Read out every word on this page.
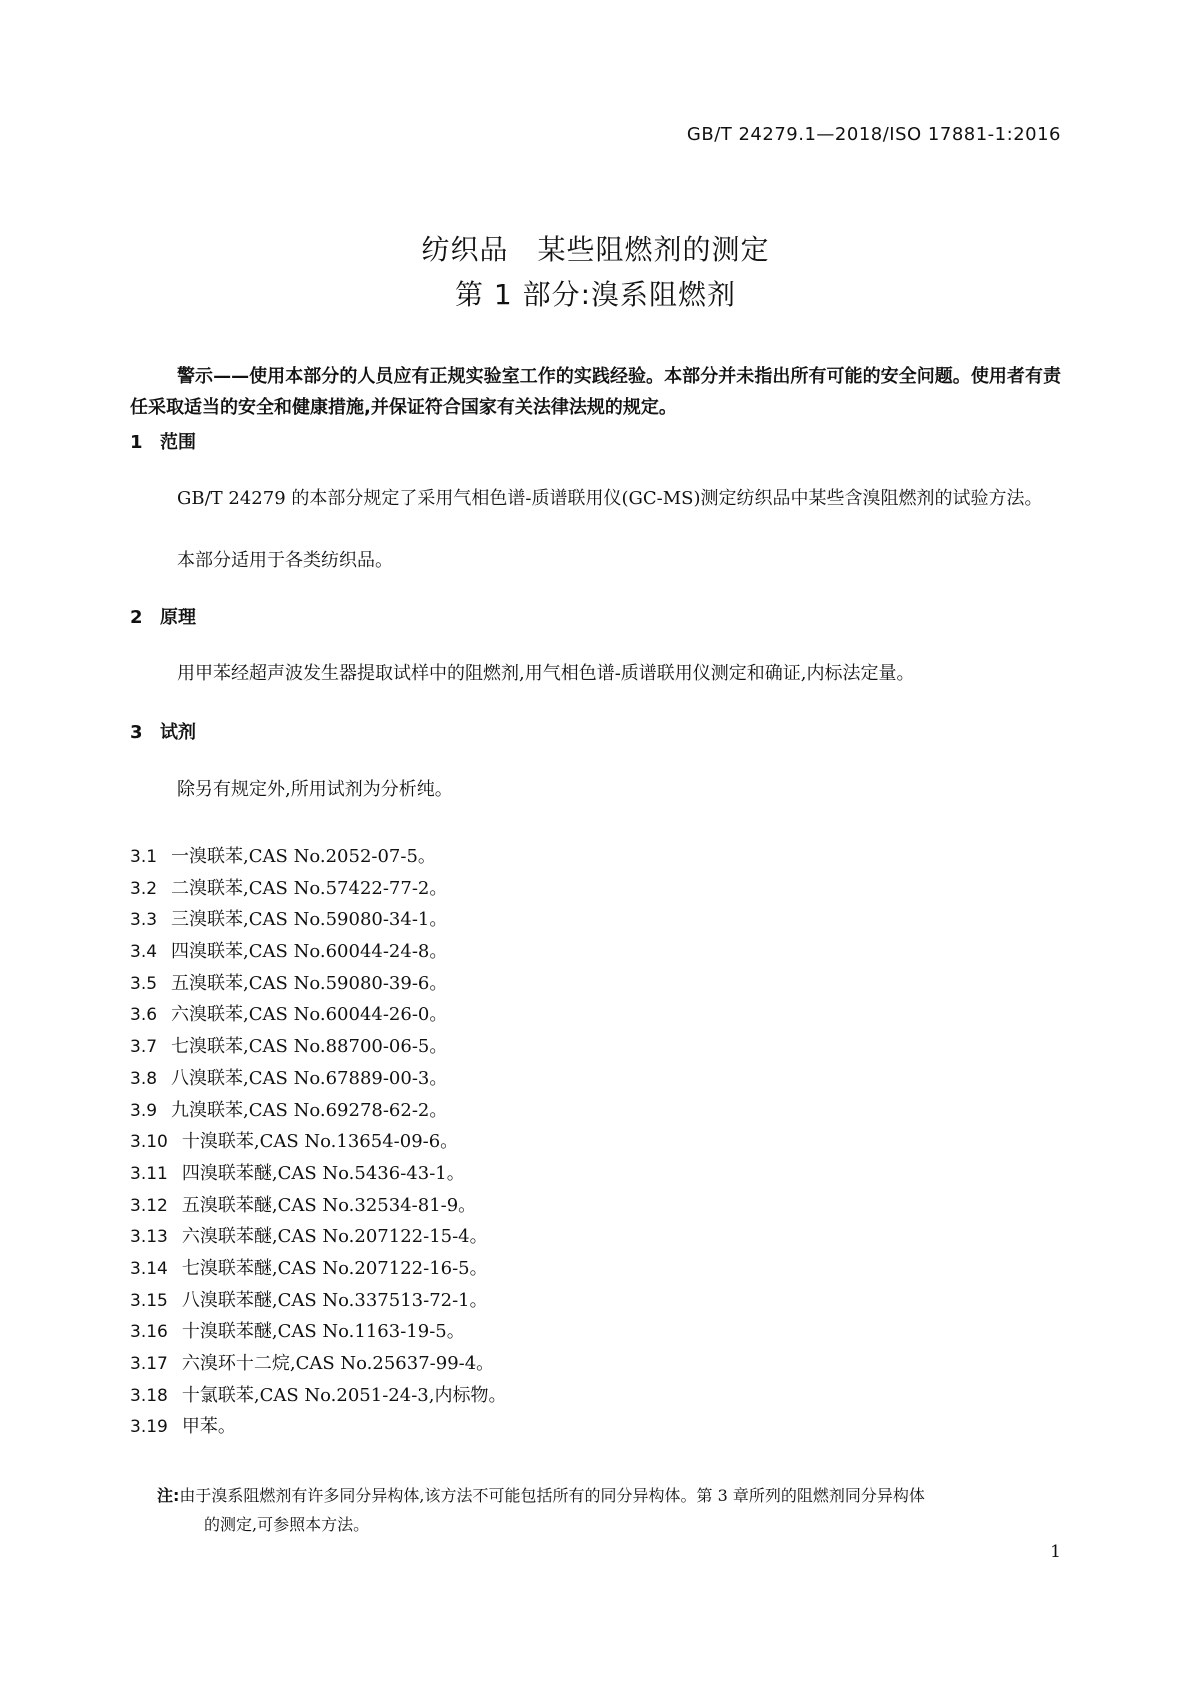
GB/T 24279.1—2018/ISO 17881-1:2016
纺织品　某些阻燃剂的测定
第 1 部分:溴系阻燃剂
警示——使用本部分的人员应有正规实验室工作的实践经验。本部分并未指出所有可能的安全问题。使用者有责任采取适当的安全和健康措施,并保证符合国家有关法律法规的规定。
1 范围
GB/T 24279 的本部分规定了采用气相色谱-质谱联用仪(GC-MS)测定纺织品中某些含溴阻燃剂的试验方法。
本部分适用于各类纺织品。
2 原理
用甲苯经超声波发生器提取试样中的阻燃剂,用气相色谱-质谱联用仪测定和确证,内标法定量。
3 试剂
除另有规定外,所用试剂为分析纯。
3.1 一溴联苯,CAS No.2052-07-5。
3.2 二溴联苯,CAS No.57422-77-2。
3.3 三溴联苯,CAS No.59080-34-1。
3.4 四溴联苯,CAS No.60044-24-8。
3.5 五溴联苯,CAS No.59080-39-6。
3.6 六溴联苯,CAS No.60044-26-0。
3.7 七溴联苯,CAS No.88700-06-5。
3.8 八溴联苯,CAS No.67889-00-3。
3.9 九溴联苯,CAS No.69278-62-2。
3.10 十溴联苯,CAS No.13654-09-6。
3.11 四溴联苯醚,CAS No.5436-43-1。
3.12 五溴联苯醚,CAS No.32534-81-9。
3.13 六溴联苯醚,CAS No.207122-15-4。
3.14 七溴联苯醚,CAS No.207122-16-5。
3.15 八溴联苯醚,CAS No.337513-72-1。
3.16 十溴联苯醚,CAS No.1163-19-5。
3.17 六溴环十二烷,CAS No.25637-99-4。
3.18 十氯联苯,CAS No.2051-24-3,内标物。
3.19 甲苯。
注:由于溴系阻燃剂有许多同分异构体,该方法不可能包括所有的同分异构体。第 3 章所列的阻燃剂同分异构体
的测定,可参照本方法。
1
